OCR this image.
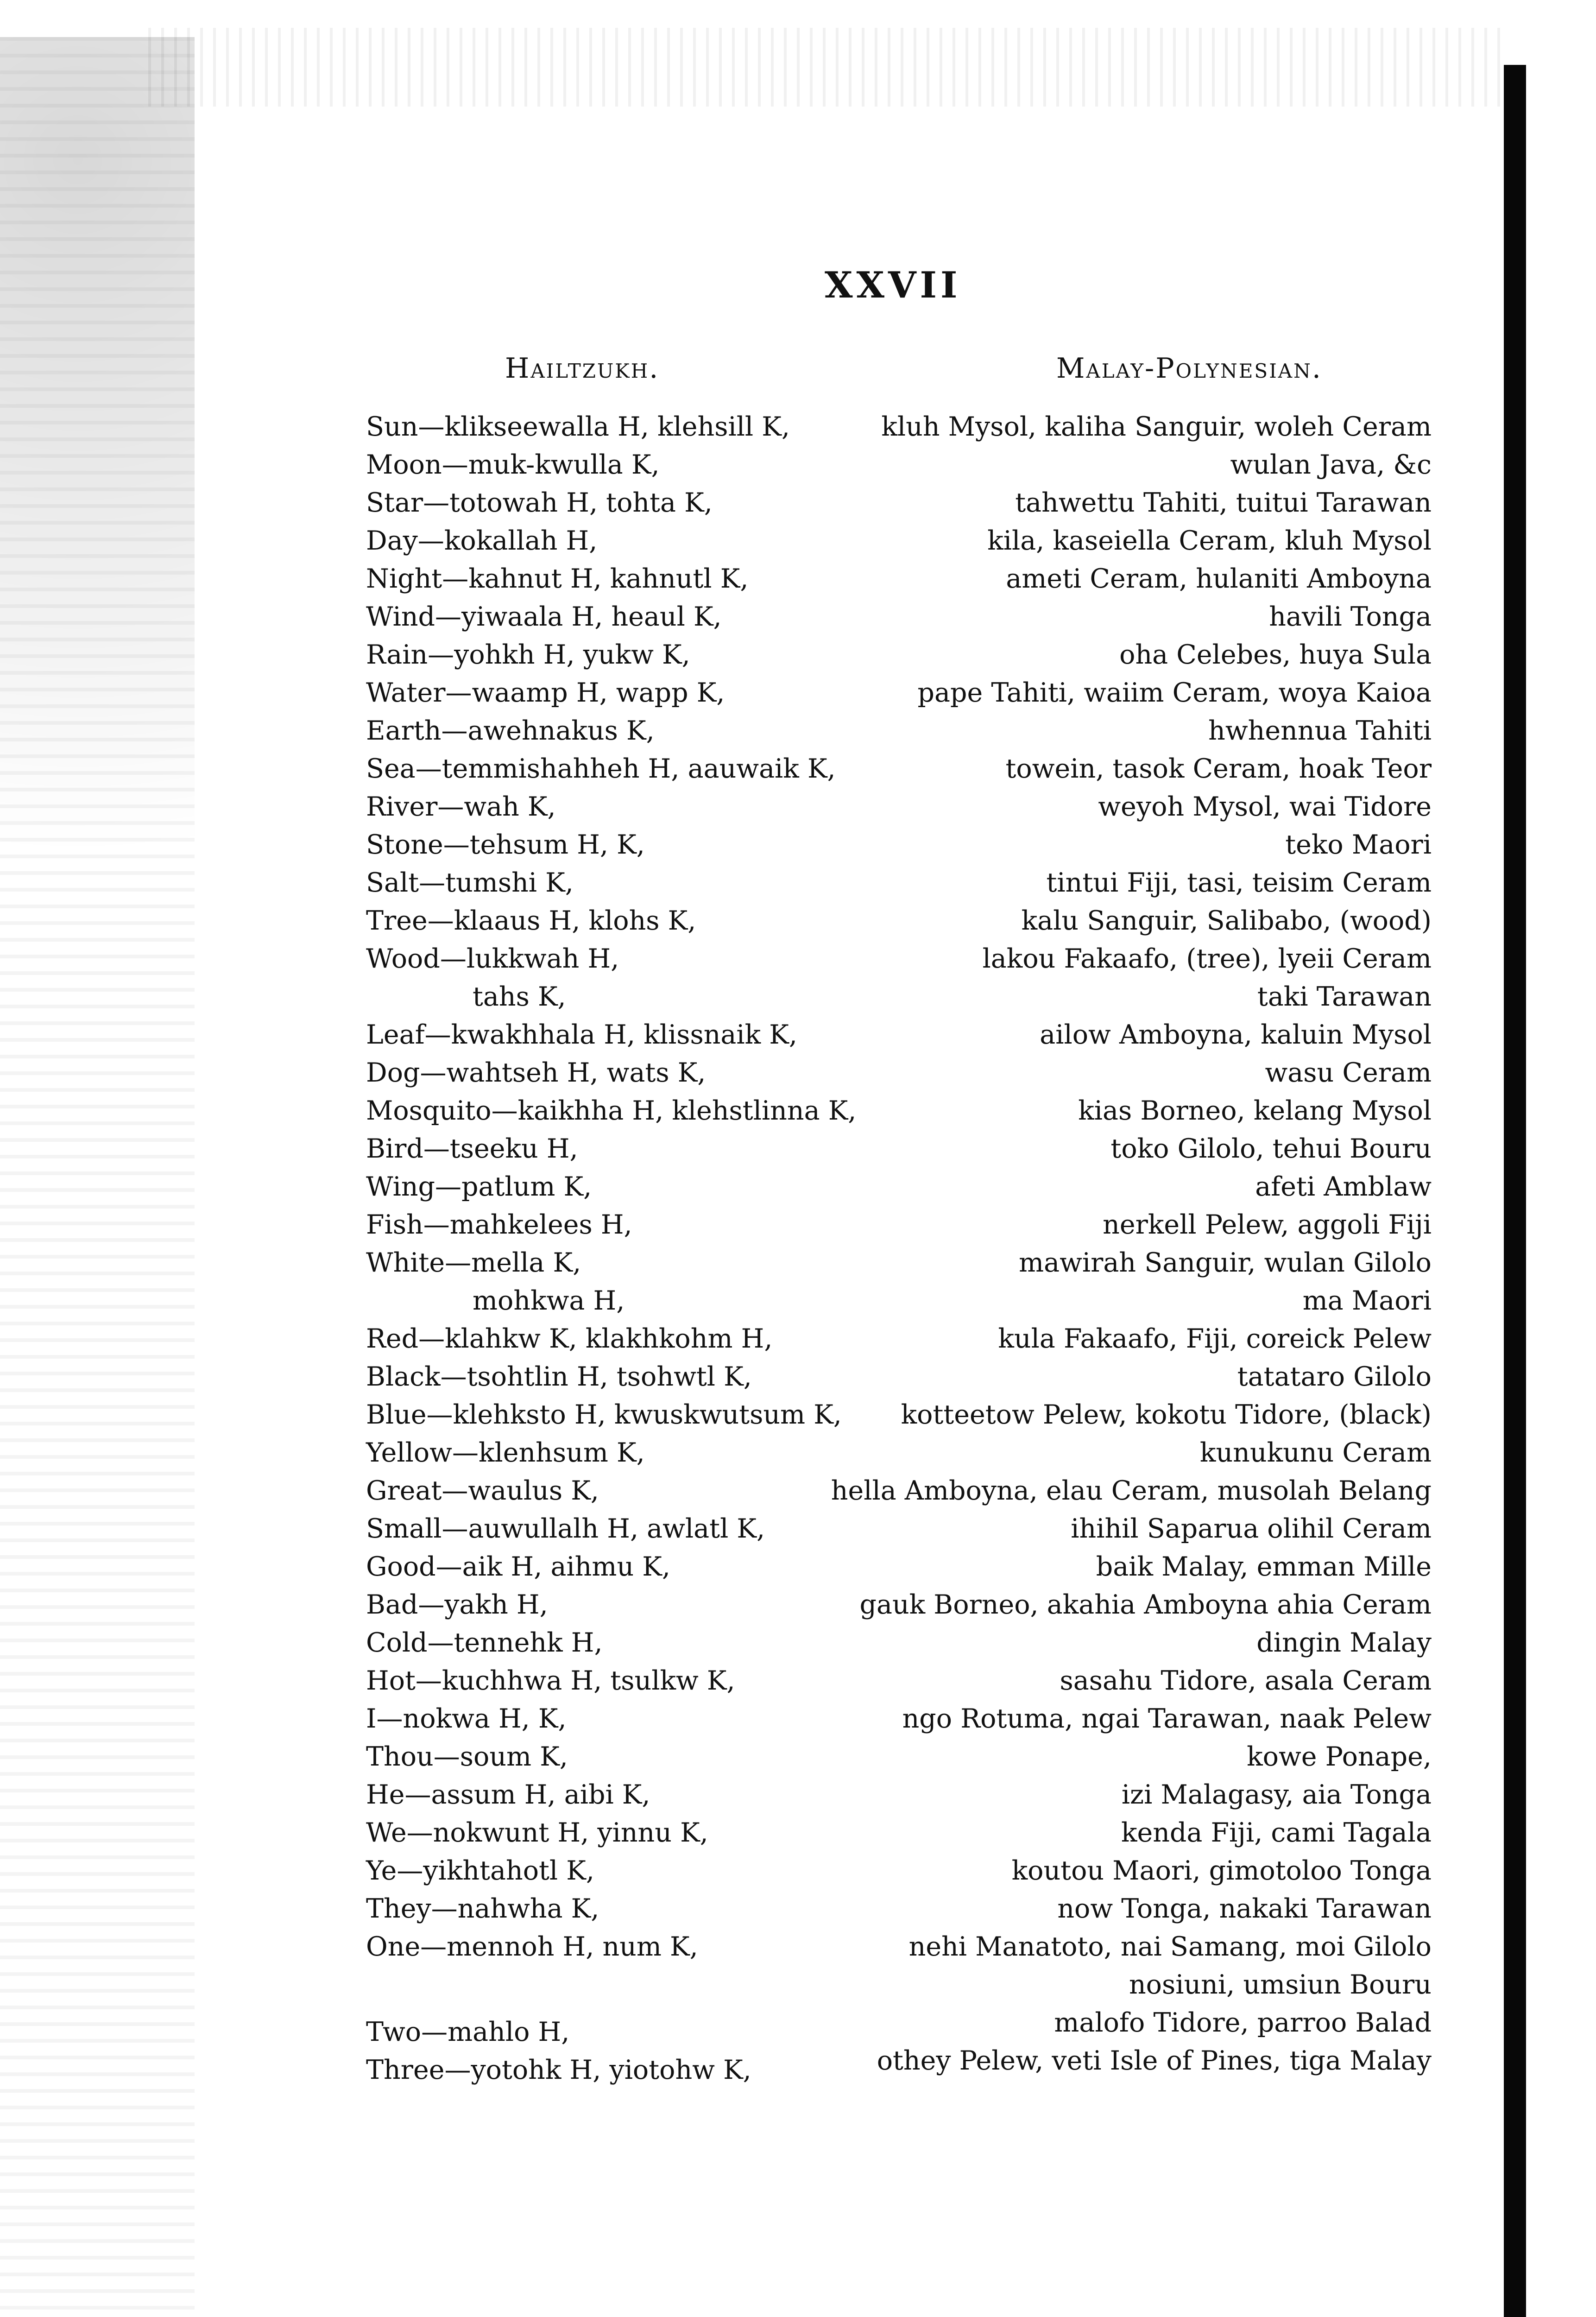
XXVII
Hailtzukh.	Malay-Polynesian.
Sun—klikseewalla H, klehsill K,
Moon—muk-kwulla K,
Star—totowah H, tohta K,
Day—kokallah H,
Night—kahnut H, kahnutl K,
Wind—yiwaala H, heaul K,
Rain—yohkh H, yukw K,
Water—waamp H, wapp K,
Earth—awehnakus K,
Sea—temmishahheh H, aauwaik K,
River—wah K,
Stone—tehsum H, K,
Salt—tumshi K,
Tree—klaaus H, klohs K,
Wood—lukkwah H,
tahs K,
Leaf—kwakhhala H, klissnaik K,
Dog—wahtseh H, wats K,
Mosquito—kaikhha H, klehstlinna K,
Bird—tseeku H,
Wing—patlum K,
Fish—mahkelees H,
White—mella K,
mohkwa H,
Red—klahkw K, klakhkohm H,
Black—tsohtlin H, tsohwtl K,
Blue—klehksto H, kwuskwutsum K,
Yellow—klenhsum K,
Great—waulus K,
Small—auwullalh H, awlatl K,
Good—aik H, aihmu K,
Bad—yakh H,
Cold—tennehk H,
Hot—kuchhwa H, tsulkw K,
I—nokwa H, K,
Thou—soum K,
He—assum H, aibi K,
We—nokwunt H, yinnu K,
Ye—yikhtahotl K,
They—nahwha K,
One—mennoh H, num K,
Two—mahlo H,
Three—yotohk H, yiotohw K,
kluh Mysol, kaliha Sanguir, woleh Ceram
wulan Java, &c
tahwettu Tahiti, tuitui Tarawan
kila, kaseiella Ceram, kluh Mysol
ameti Ceram, hulaniti Amboyna
havili Tonga
oha Celebes, huya Sula
pape Tahiti, waiim Ceram, woya Kaioa
hwhennua Tahiti
towein, tasok Ceram, hoak Teor
weyoh Mysol, wai Tidore
teko Maori
tintui Fiji, tasi, teisim Ceram
kalu Sanguir, Salibabo, (wood)
lakou Fakaafo, (tree), lyeii Ceram
taki Tarawan
ailow Amboyna, kaluin Mysol
wasu Ceram
kias Borneo, kelang Mysol
toko Gilolo, tehui Bouru
afeti Amblaw
nerkell Pelew, aggoli Fiji
mawirah Sanguir, wulan Gilolo
ma Maori
kula Fakaafo, Fiji, coreick Pelew
tatataro Gilolo
kotteetow Pelew, kokotu Tidore, (black)
kunukunu Ceram
hella Amboyna, elau Ceram, musolah Belang
ihihil Saparua olihil Ceram
baik Malay, emman Mille
gauk Borneo, akahia Amboyna ahia Ceram
dingin Malay
sasahu Tidore, asala Ceram
ngo Rotuma, ngai Tarawan, naak Pelew
kowe Ponape,
izi Malagasy, aia Tonga
kenda Fiji, cami Tagala
koutou Maori, gimotoloo Tonga
now Tonga, nakaki Tarawan
nehi Manatoto, nai Samang, moi Gilolo
nosiuni, umsiun Bouru
malofo Tidore, parroo Balad
othey Pelew, veti Isle of Pines, tiga Malay
